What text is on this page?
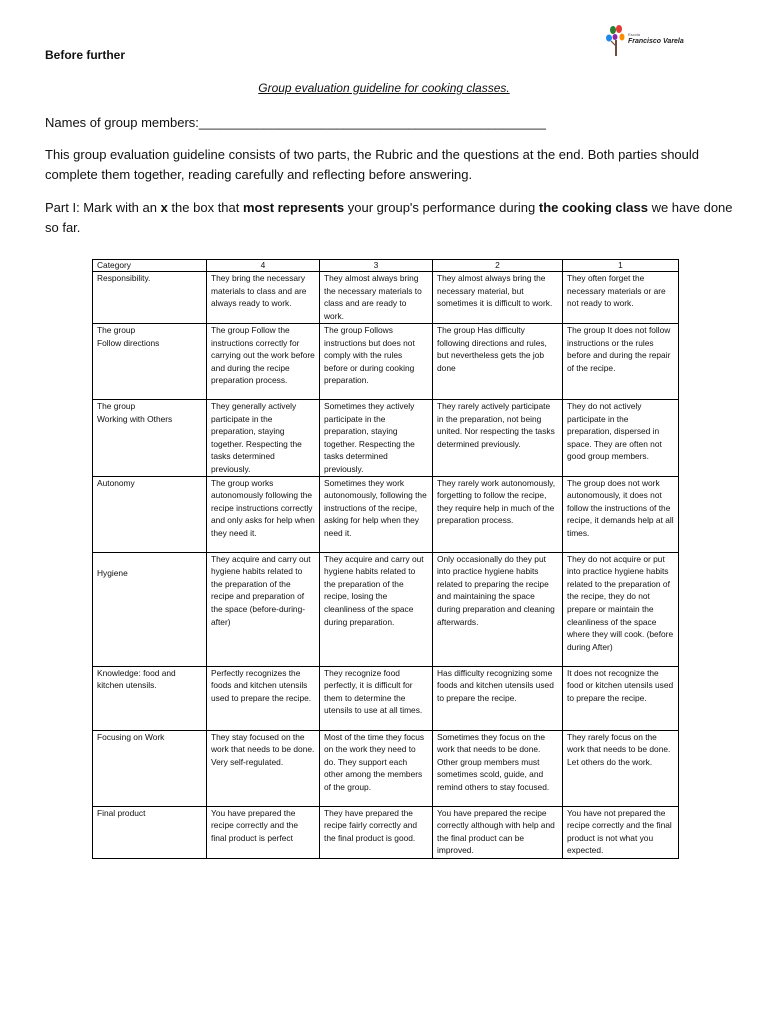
Before further
Escola
Francisco Varela
Group evaluation guideline for cooking classes.
Names of group members:________________________________________________
This group evaluation guideline consists of two parts, the Rubric and the questions at the end. Both parties should complete them together, reading carefully and reflecting before answering.
Part I: Mark with an x the box that most represents your group's performance during the cooking class we have done so far.
Category	4	3	2	1
Responsibility.	They bring the necessary materials to class and are always ready to work.	They almost always bring the necessary materials to class and are ready to work.	They almost always bring the necessary material, but sometimes it is difficult to work.	They often forget the necessary materials or are not ready to work.
The group
Follow directions	The group Follow the instructions correctly for carrying out the work before and during the recipe preparation process.	The group Follows instructions but does not comply with the rules before or during cooking preparation.	The group Has difficulty following directions and rules, but nevertheless gets the job done	The group It does not follow instructions or the rules before and during the repair of the recipe.
The group
Working with Others	They generally actively participate in the preparation, staying together. Respecting the tasks determined previously.	Sometimes they actively participate in the preparation, staying together. Respecting the tasks determined previously.	They rarely actively participate in the preparation, not being united. Nor respecting the tasks determined previously.	They do not actively participate in the preparation, dispersed in space. They are often not good group members.
Autonomy	The group works autonomously following the recipe instructions correctly and only asks for help when they need it.	Sometimes they work autonomously, following the instructions of the recipe, asking for help when they need it.	They rarely work autonomously, forgetting to follow the recipe, they require help in much of the preparation process.	The group does not work autonomously, it does not follow the instructions of the recipe, it demands help at all times.
Hygiene	They acquire and carry out hygiene habits related to the preparation of the recipe and preparation of the space (before-during-after)	They acquire and carry out hygiene habits related to the preparation of the recipe, losing the cleanliness of the space during preparation.	Only occasionally do they put into practice hygiene habits related to preparing the recipe and maintaining the space during preparation and cleaning afterwards.	They do not acquire or put into practice hygiene habits related to the preparation of the recipe, they do not prepare or maintain the cleanliness of the space where they will cook. (before during After)
Knowledge: food and kitchen utensils.	Perfectly recognizes the foods and kitchen utensils used to prepare the recipe.	They recognize food perfectly, it is difficult for them to determine the utensils to use at all times.	Has difficulty recognizing some foods and kitchen utensils used to prepare the recipe.	It does not recognize the food or kitchen utensils used to prepare the recipe.
Focusing on Work	They stay focused on the work that needs to be done. Very self-regulated.	Most of the time they focus on the work they need to do. They support each other among the members of the group.	Sometimes they focus on the work that needs to be done. Other group members must sometimes scold, guide, and remind others to stay focused.	They rarely focus on the work that needs to be done. Let others do the work.
Final product	You have prepared the recipe correctly and the final product is perfect	They have prepared the recipe fairly correctly and the final product is good.	You have prepared the recipe correctly although with help and the final product can be improved.	You have not prepared the recipe correctly and the final product is not what you expected.
